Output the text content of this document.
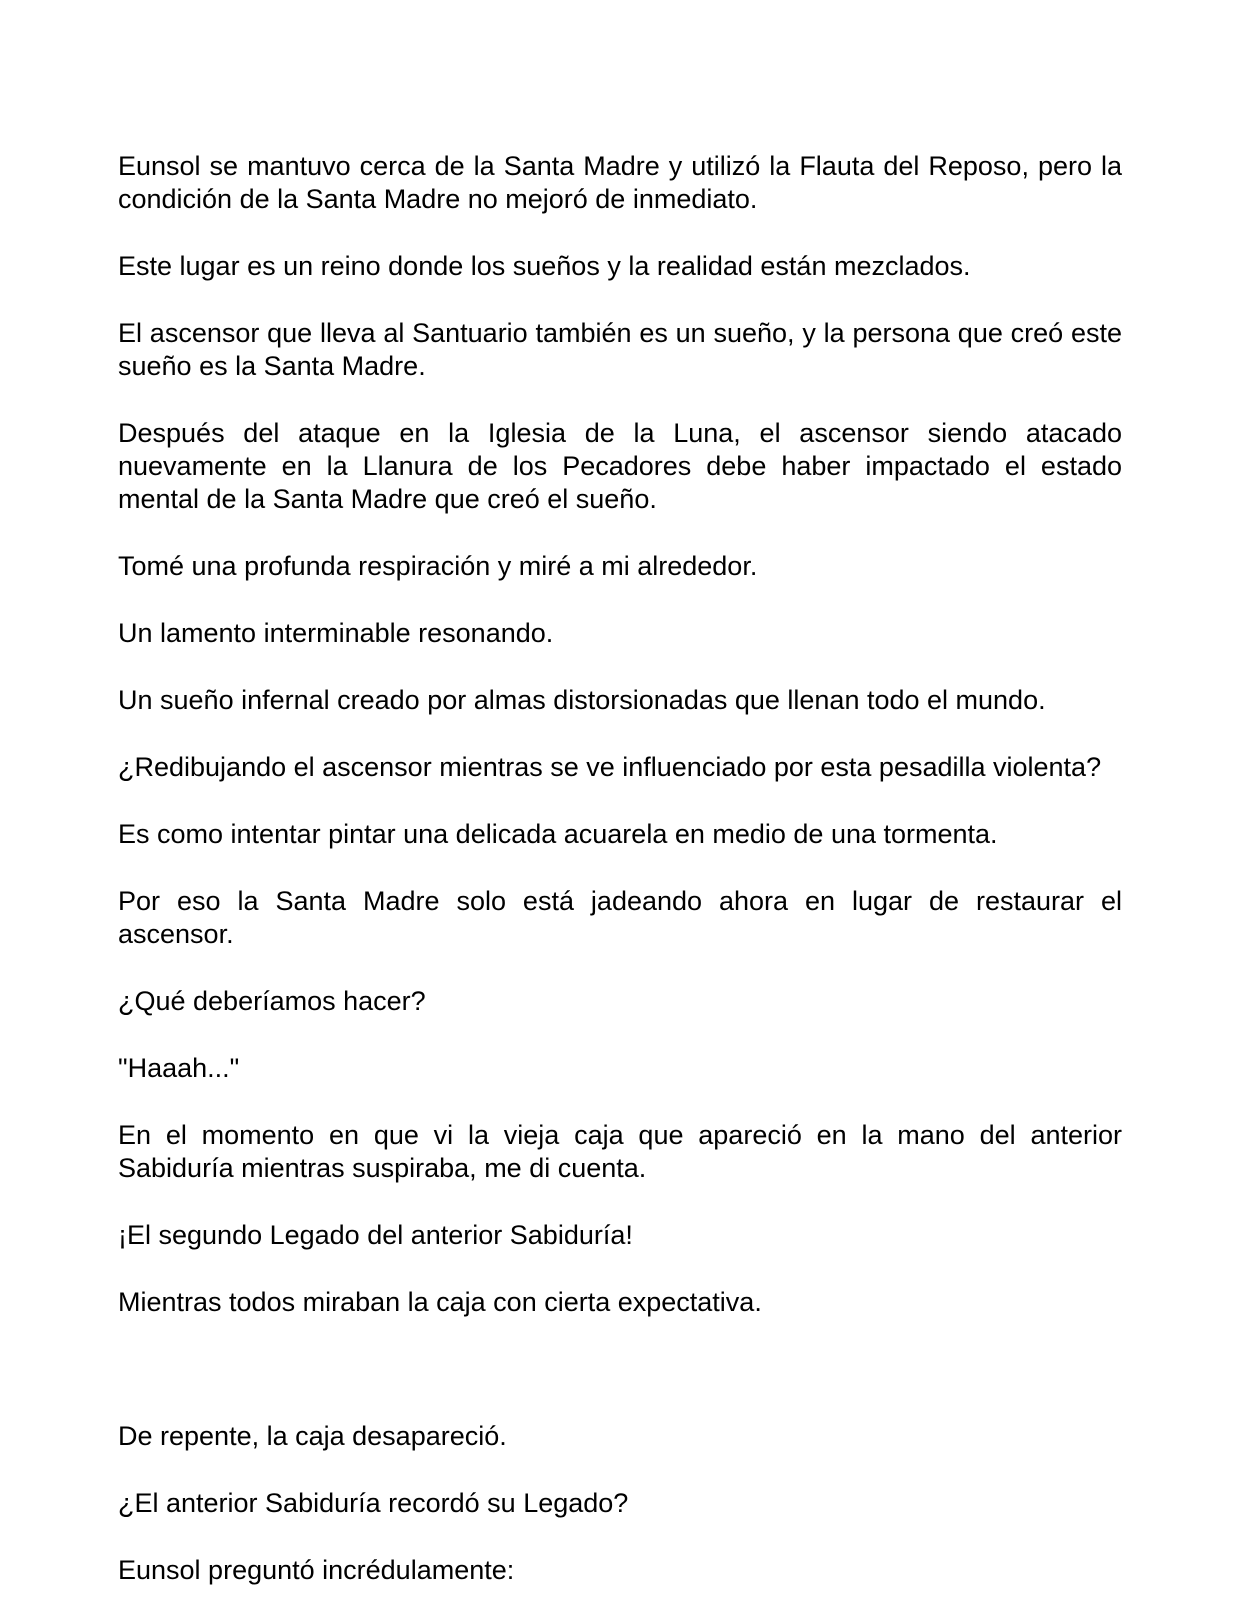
Eunsol se mantuvo cerca de la Santa Madre y utilizó la Flauta del Reposo, pero la condición de la Santa Madre no mejoró de inmediato.

Este lugar es un reino donde los sueños y la realidad están mezclados.

El ascensor que lleva al Santuario también es un sueño, y la persona que creó este sueño es la Santa Madre.

Después del ataque en la Iglesia de la Luna, el ascensor siendo atacado nuevamente en la Llanura de los Pecadores debe haber impactado el estado mental de la Santa Madre que creó el sueño.

Tomé una profunda respiración y miré a mi alrededor.

Un lamento interminable resonando.

Un sueño infernal creado por almas distorsionadas que llenan todo el mundo.

¿Redibujando el ascensor mientras se ve influenciado por esta pesadilla violenta?

Es como intentar pintar una delicada acuarela en medio de una tormenta.

Por eso la Santa Madre solo está jadeando ahora en lugar de restaurar el ascensor.

¿Qué deberíamos hacer?

"Haaah..."

En el momento en que vi la vieja caja que apareció en la mano del anterior Sabiduría mientras suspiraba, me di cuenta.

¡El segundo Legado del anterior Sabiduría!

Mientras todos miraban la caja con cierta expectativa.

De repente, la caja desapareció.

¿El anterior Sabiduría recordó su Legado?

Eunsol preguntó incrédulamente:
